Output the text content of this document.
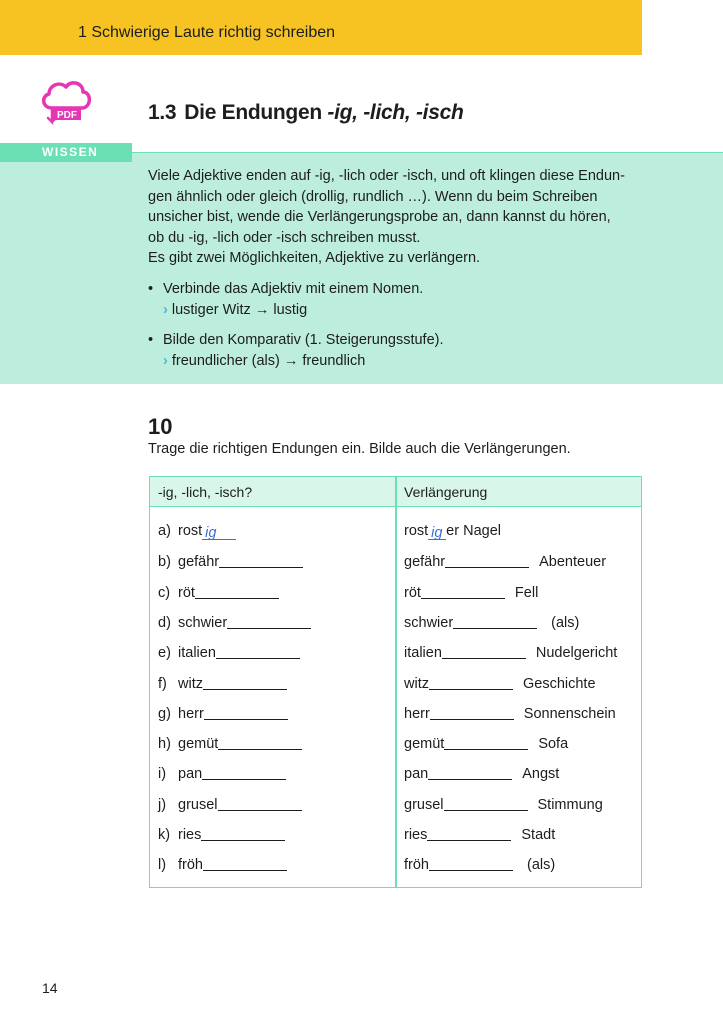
1 Schwierige Laute richtig schreiben
PDF	1.3 Die Endungen -ig, -lich, -isch
WISSEN
Viele Adjektive enden auf -ig, -lich oder -isch, und oft klingen diese Endun-
gen ähnlich oder gleich (drollig, rundlich …). Wenn du beim Schreiben
unsicher bist, wende die Verlängerungsprobe an, dann kannst du hören,
ob du -ig, -lich oder -isch schreiben musst.
Es gibt zwei Möglichkeiten, Adjektive zu verlängern.
• Verbinde das Adjektiv mit einem Nomen.
› lustiger Witz → lustig
• Bilde den Komparativ (1. Steigerungsstufe).
› freundlicher (als) → freundlich
10
Trage die richtigen Endungen ein. Bilde auch die Verlängerungen.
-ig, -lich, -isch?	Verlängerung
a) rost ig	rost ig er Nagel
b) gefähr	gefähr	Abenteuer
c) röt	röt	Fell
d) schwier	schwier	(als)
e) italien	italien	Nudelgericht
f) witz	witz	Geschichte
g) herr	herr	Sonnenschein
h) gemüt	gemüt	Sofa
i) pan	pan	Angst
j) grusel	grusel	Stimmung
k) ries	ries	Stadt
l) fröh	fröh	(als)
14
